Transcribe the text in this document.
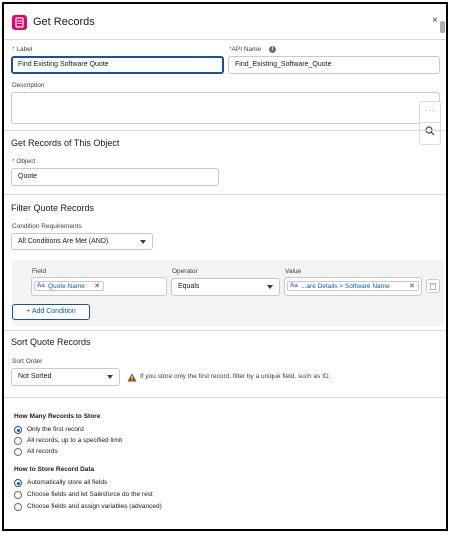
Get Records	×
* Label
Find Existing Software Quote
*API Name	i
Find_Existing_Software_Quote
Description
....
Get Records of This Object
* Object
Quote
Filter Quote Records
Condition Requirements
All Conditions Are Met (AND)
Field	Operator	Value
Aa Quote Name ✕	Equals	Aa ...are Details > Software Name	✕
+ Add Condition
Sort Quote Records
Sort Order
Not Sorted	If you store only the first record, filter by a unique field, such as ID.
How Many Records to Store
Only the first record
All records, up to a specified limit
All records
How to Store Record Data
Automatically store all fields
Choose fields and let Salesforce do the rest
Choose fields and assign variables (advanced)
